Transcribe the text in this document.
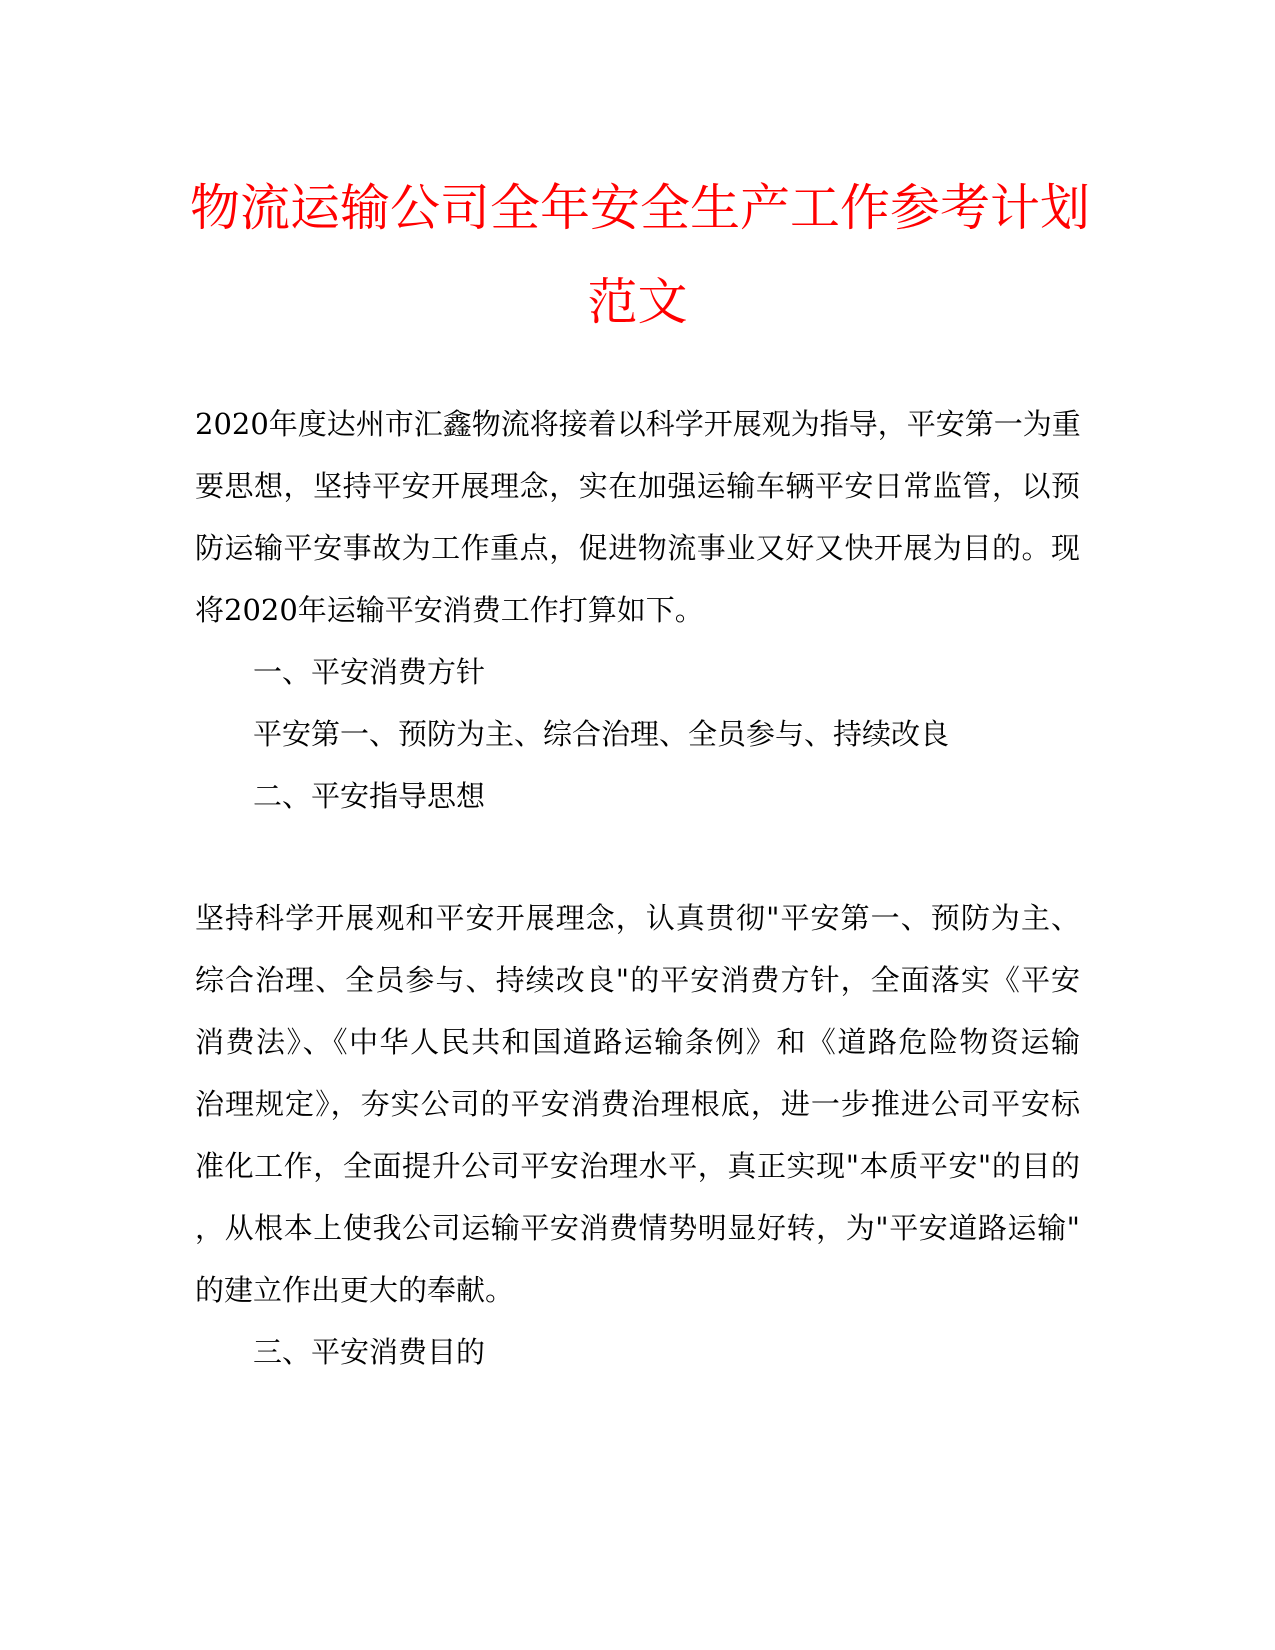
物流运输公司全年安全生产工作参考计划
范文
2020年度达州市汇鑫物流将接着以科学开展观为指导，平安第一为重
要思想，坚持平安开展理念，实在加强运输车辆平安日常监管，以预
防运输平安事故为工作重点，促进物流事业又好又快开展为目的。现
将2020年运输平安消费工作打算如下。

一、平安消费方针

平安第一、预防为主、综合治理、全员参与、持续改良

二、平安指导思想

坚持科学开展观和平安开展理念，认真贯彻"平安第一、预防为主、
综合治理、全员参与、持续改良"的平安消费方针，全面落实《平安
消费法》、《中华人民共和国道路运输条例》和《道路危险物资运输
治理规定》，夯实公司的平安消费治理根底，进一步推进公司平安标
准化工作，全面提升公司平安治理水平，真正实现"本质平安"的目的
，从根本上使我公司运输平安消费情势明显好转，为"平安道路运输"
的建立作出更大的奉献。

三、平安消费目的
